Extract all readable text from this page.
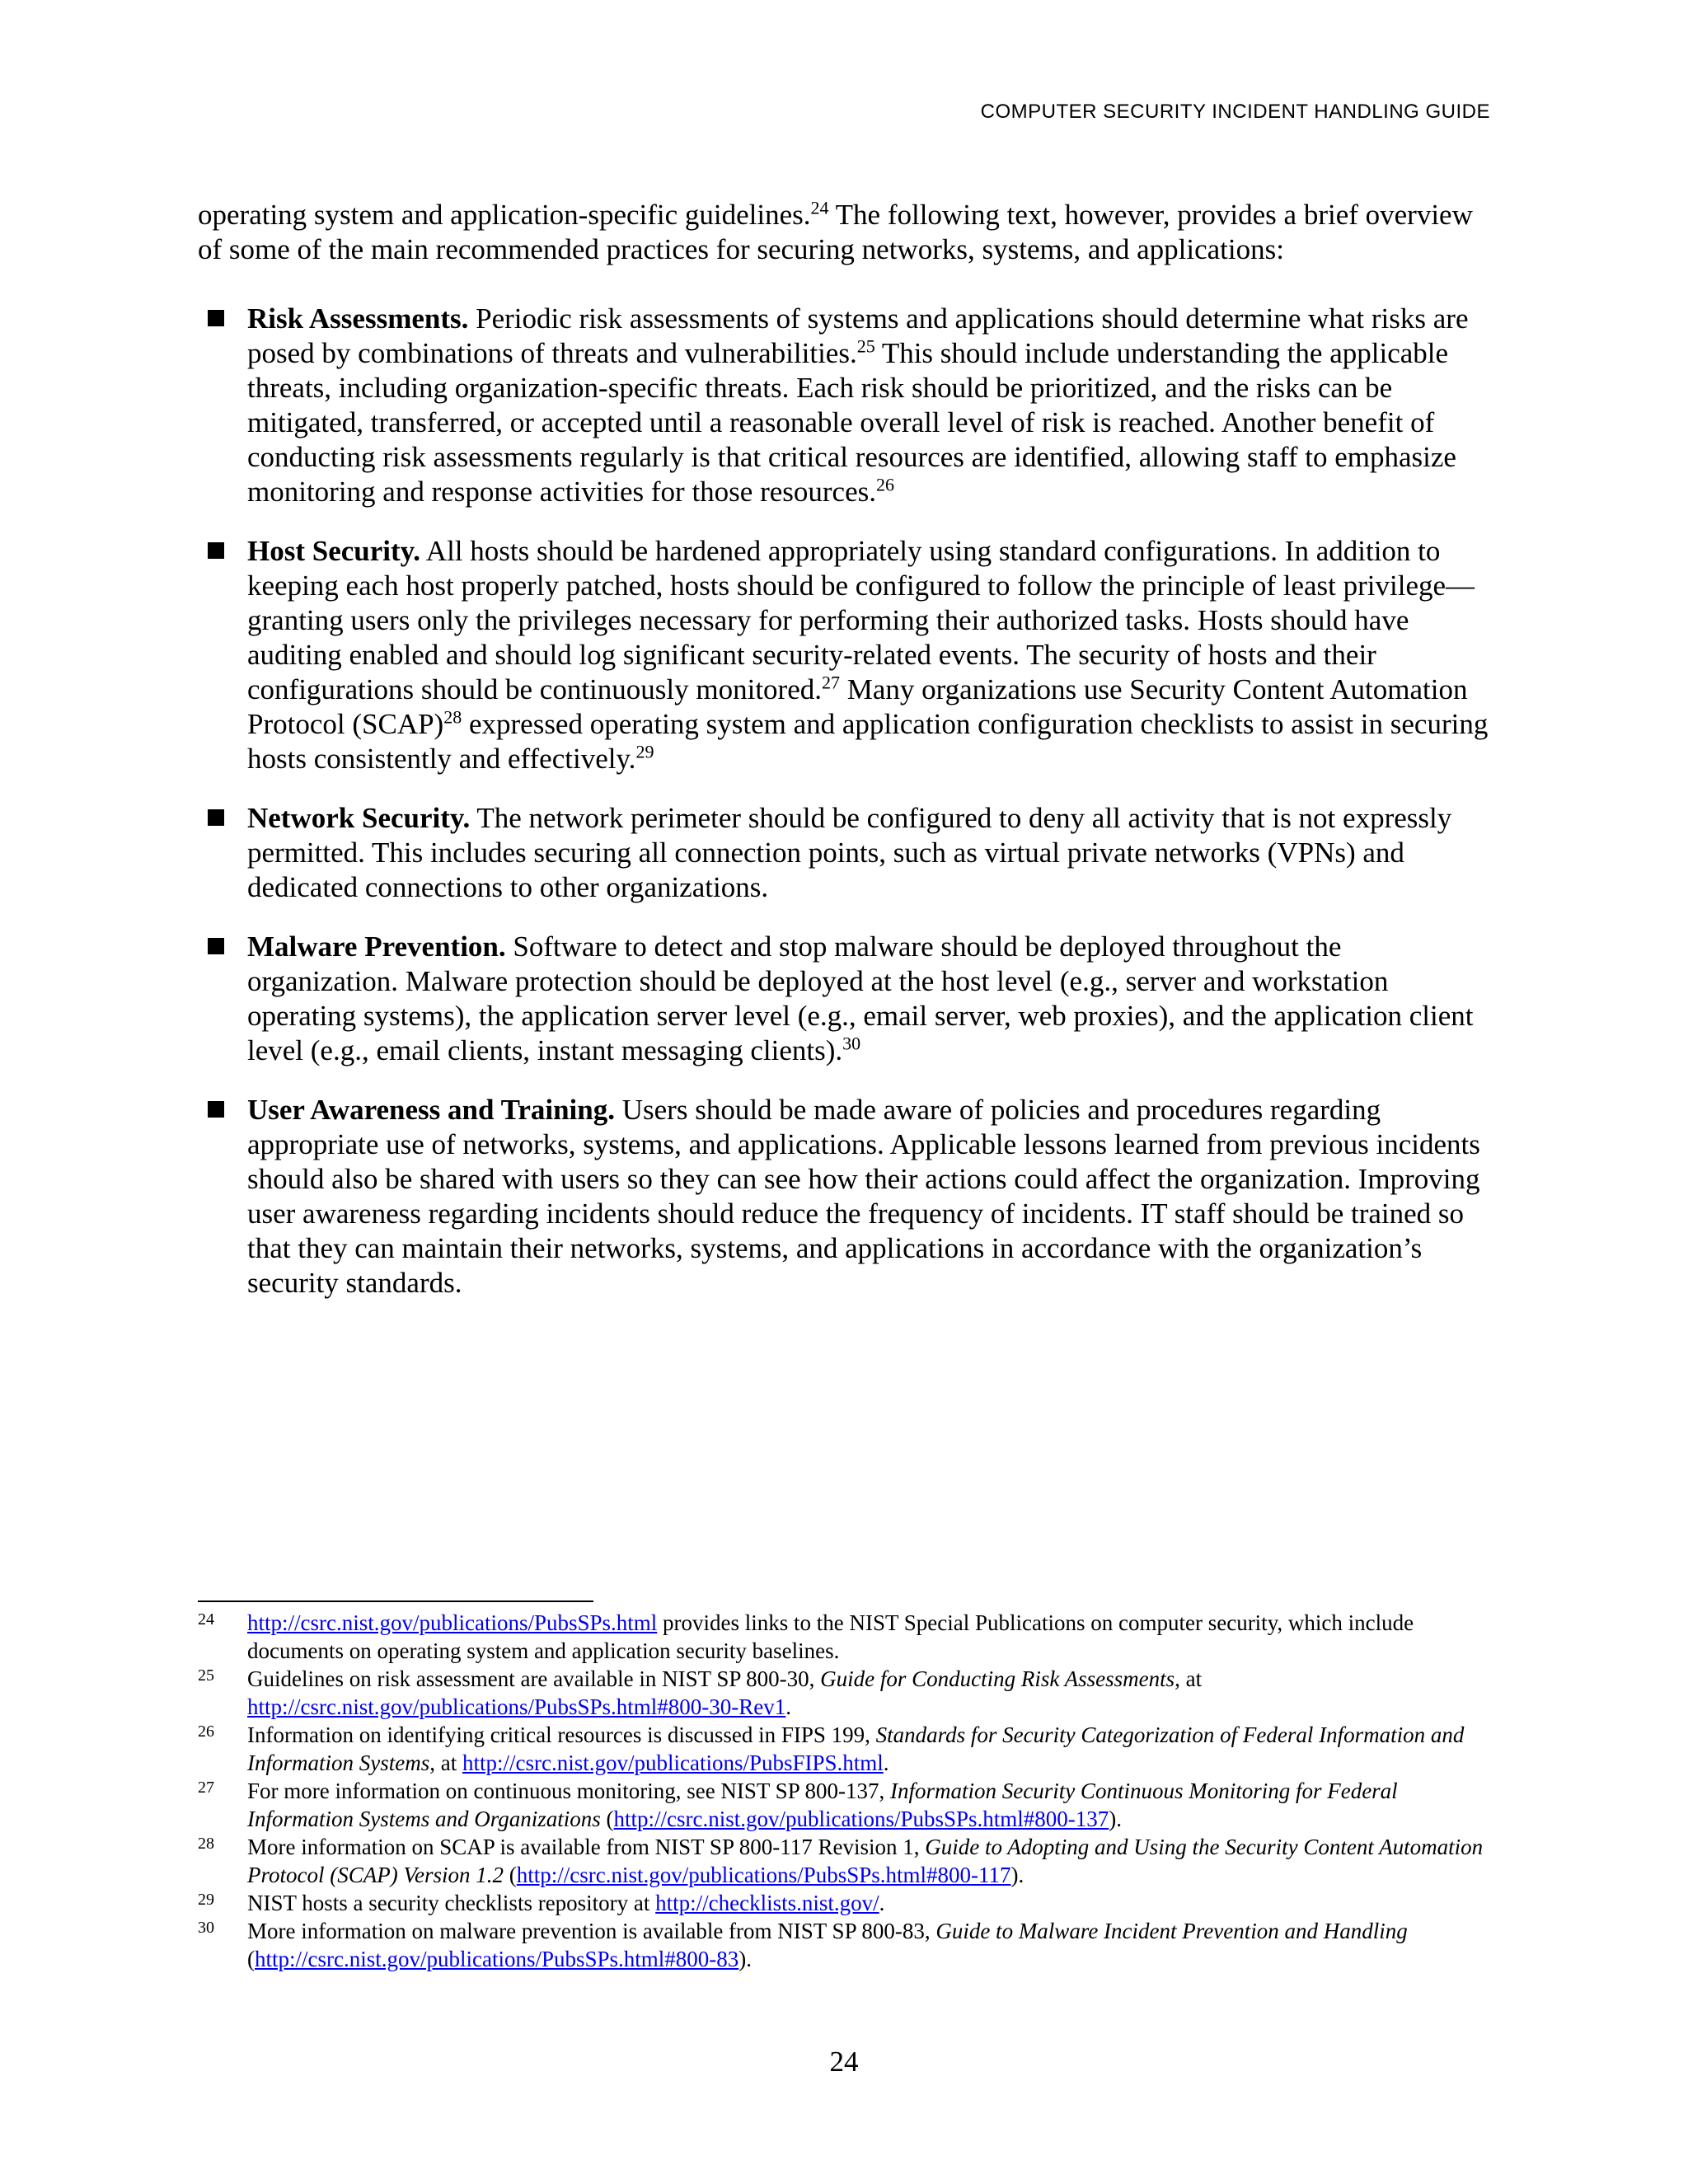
COMPUTER SECURITY INCIDENT HANDLING GUIDE

operating system and application-specific guidelines.$^{24}$ The following text, however, provides a brief overview of some of the main recommended practices for securing networks, systems, and applications:

Risk Assessments. Periodic risk assessments of systems and applications should determine what risks are posed by combinations of threats and vulnerabilities.$^{25}$ This should include understanding the applicable threats, including organization-specific threats. Each risk should be prioritized, and the risks can be mitigated, transferred, or accepted until a reasonable overall level of risk is reached. Another benefit of conducting risk assessments regularly is that critical resources are identified, allowing staff to emphasize monitoring and response activities for those resources.$^{26}$
Host Security. All hosts should be hardened appropriately using standard configurations. In addition to keeping each host properly patched, hosts should be configured to follow the principle of least privilege—granting users only the privileges necessary for performing their authorized tasks. Hosts should have auditing enabled and should log significant security-related events. The security of hosts and their configurations should be continuously monitored.$^{27}$ Many organizations use Security Content Automation Protocol (SCAP)$^{28}$ expressed operating system and application configuration checklists to assist in securing hosts consistently and effectively.$^{29}$
Network Security. The network perimeter should be configured to deny all activity that is not expressly permitted. This includes securing all connection points, such as virtual private networks (VPNs) and dedicated connections to other organizations.
Malware Prevention. Software to detect and stop malware should be deployed throughout the organization. Malware protection should be deployed at the host level (e.g., server and workstation operating systems), the application server level (e.g., email server, web proxies), and the application client level (e.g., email clients, instant messaging clients).$^{30}$
User Awareness and Training. Users should be made aware of policies and procedures regarding appropriate use of networks, systems, and applications. Applicable lessons learned from previous incidents should also be shared with users so they can see how their actions could affect the organization. Improving user awareness regarding incidents should reduce the frequency of incidents. IT staff should be trained so that they can maintain their networks, systems, and applications in accordance with the organization’s security standards.
24 http://csrc.nist.gov/publications/PubsSPs.html provides links to the NIST Special Publications on computer security, which include documents on operating system and application security baselines.
25 Guidelines on risk assessment are available in NIST SP 800-30, Guide for Conducting Risk Assessments, at http://csrc.nist.gov/publications/PubsSPs.html#800-30-Rev1.
26 Information on identifying critical resources is discussed in FIPS 199, Standards for Security Categorization of Federal Information and Information Systems, at http://csrc.nist.gov/publications/PubsFIPS.html.
27 For more information on continuous monitoring, see NIST SP 800-137, Information Security Continuous Monitoring for Federal Information Systems and Organizations (http://csrc.nist.gov/publications/PubsSPs.html#800-137).
28 More information on SCAP is available from NIST SP 800-117 Revision 1, Guide to Adopting and Using the Security Content Automation Protocol (SCAP) Version 1.2 (http://csrc.nist.gov/publications/PubsSPs.html#800-117).
29 NIST hosts a security checklists repository at http://checklists.nist.gov/.
30 More information on malware prevention is available from NIST SP 800-83, Guide to Malware Incident Prevention and Handling (http://csrc.nist.gov/publications/PubsSPs.html#800-83).
24
